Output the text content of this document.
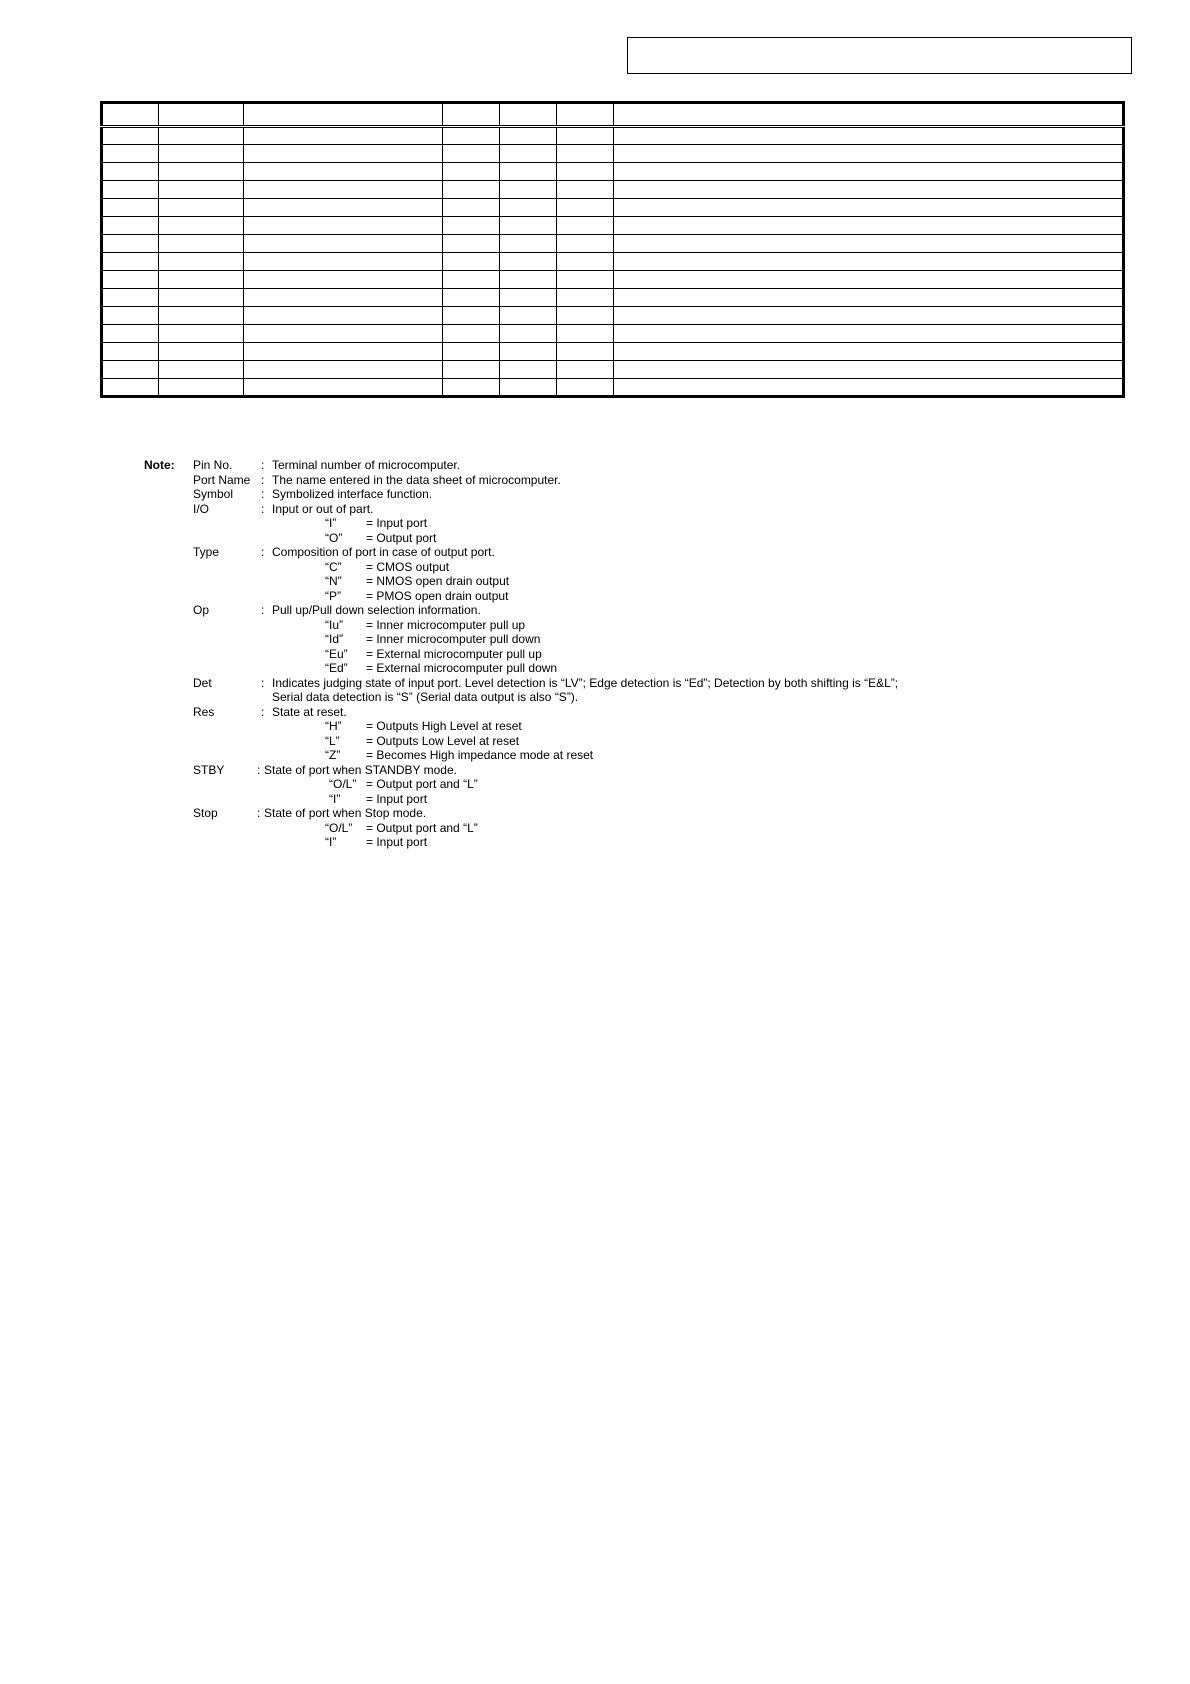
Note: Pin No. : Terminal number of microcomputer.
Port Name : The name entered in the data sheet of microcomputer.
Symbol : Symbolized interface function.
I/O	: Input or out of part.
“I” = Input port
“O” = Output port
Type	: Composition of port in case of output port.
“C” = CMOS output
“N” = NMOS open drain output
“P” = PMOS open drain output
Op	: Pull up/Pull down selection information.
“Iu” = Inner microcomputer pull up
“Id” = Inner microcomputer pull down
“Eu” = External microcomputer pull up
“Ed” = External microcomputer pull down
Det	: Indicates judging state of input port. Level detection is “LV”; Edge detection is “Ed”; Detection by both shifting is “E&L”;
Serial data detection is “S” (Serial data output is also “S”).
Res	: State at reset.
“H” = Outputs High Level at reset
“L” = Outputs Low Level at reset
“Z” = Becomes High impedance mode at reset
STBY	: State of port when STANDBY mode.
“O/L” = Output port and “L”
“I” = Input port
Stop	: State of port when Stop mode.
“O/L” = Output port and “L”
“I” = Input port
